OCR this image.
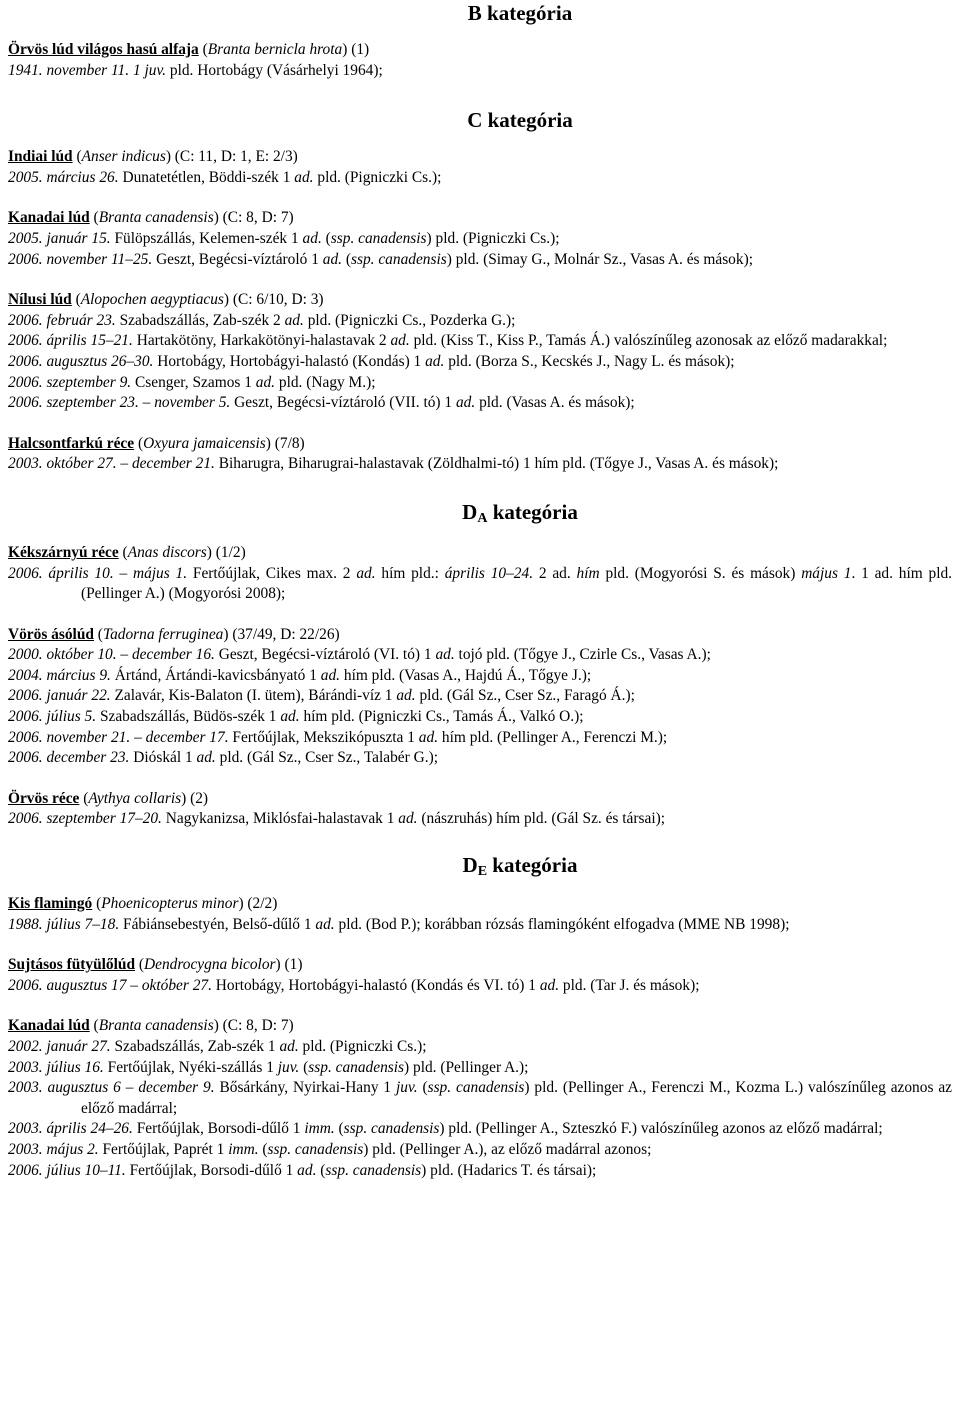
B kategória
Örvös lúd világos hasú alfaja (Branta bernicla hrota) (1)
1941. november 11. 1 juv. pld. Hortobágy (Vásárhelyi 1964);
C kategória
Indiai lúd (Anser indicus) (C: 11, D: 1, E: 2/3)
2005. március 26. Dunatetétlen, Böddi-szék 1 ad. pld. (Pigniczki Cs.);
Kanadai lúd (Branta canadensis) (C: 8, D: 7)
2005. január 15. Fülöpszállás, Kelemen-szék 1 ad. (ssp. canadensis) pld. (Pigniczki Cs.);
2006. november 11–25. Geszt, Begécsi-víztároló 1 ad. (ssp. canadensis) pld. (Simay G., Molnár Sz., Vasas A. és mások);
Nílusi lúd (Alopochen aegyptiacus) (C: 6/10, D: 3)
2006. február 23. Szabadszállás, Zab-szék 2 ad. pld. (Pigniczki Cs., Pozderka G.);
2006. április 15–21. Hartakötöny, Harkakötönyi-halastavak 2 ad. pld. (Kiss T., Kiss P., Tamás Á.) valószínűleg azonosak az előző madarakkal;
2006. augusztus 26–30. Hortobágy, Hortobágyi-halastó (Kondás) 1 ad. pld. (Borza S., Kecskés J., Nagy L. és mások);
2006. szeptember 9. Csenger, Szamos 1 ad. pld. (Nagy M.);
2006. szeptember 23. – november 5. Geszt, Begécsi-víztároló (VII. tó) 1 ad. pld. (Vasas A. és mások);
Halcsontfarkú réce (Oxyura jamaicensis) (7/8)
2003. október 27. – december 21. Biharugra, Biharugrai-halastavak (Zöldhalmi-tó) 1 hím pld. (Tőgye J., Vasas A. és mások);
$D_A$ kategória
Kékszárnyú réce (Anas discors) (1/2)
2006. április 10. – május 1. Fertőújlak, Cikes max. 2 ad. hím pld.: április 10–24. 2 ad. hím pld. (Mogyorósi S. és mások) május 1. 1 ad. hím pld. (Pellinger A.) (Mogyorósi 2008);
Vörös ásólúd (Tadorna ferruginea) (37/49, D: 22/26)
2000. október 10. – december 16. Geszt, Begécsi-víztároló (VI. tó) 1 ad. tojó pld. (Tőgye J., Czirle Cs., Vasas A.);
2004. március 9. Ártánd, Ártándi-kavicsbányató 1 ad. hím pld. (Vasas A., Hajdú Á., Tőgye J.);
2006. január 22. Zalavár, Kis-Balaton (I. ütem), Bárándi-víz 1 ad. pld. (Gál Sz., Cser Sz., Faragó Á.);
2006. július 5. Szabadszállás, Büdös-szék 1 ad. hím pld. (Pigniczki Cs., Tamás Á., Valkó O.);
2006. november 21. – december 17. Fertőújlak, Mekszikópuszta 1 ad. hím pld. (Pellinger A., Ferenczi M.);
2006. december 23. Dióskál 1 ad. pld. (Gál Sz., Cser Sz., Talabér G.);
Örvös réce (Aythya collaris) (2)
2006. szeptember 17–20. Nagykanizsa, Miklósfai-halastavak 1 ad. (nászruhás) hím pld. (Gál Sz. és társai);
$D_E$ kategória
Kis flamingó (Phoenicopterus minor) (2/2)
1988. július 7–18. Fábiánsebestyén, Belső-dűlő 1 ad. pld. (Bod P.); korábban rózsás flamingóként elfogadva (MME NB 1998);
Sujtásos fütyülőlúd (Dendrocygna bicolor) (1)
2006. augusztus 17 – október 27. Hortobágy, Hortobágyi-halastó (Kondás és VI. tó) 1 ad. pld. (Tar J. és mások);
Kanadai lúd (Branta canadensis) (C: 8, D: 7)
2002. január 27. Szabadszállás, Zab-szék 1 ad. pld. (Pigniczki Cs.);
2003. július 16. Fertőújlak, Nyéki-szállás 1 juv. (ssp. canadensis) pld. (Pellinger A.);
2003. augusztus 6 – december 9. Bősárkány, Nyirkai-Hany 1 juv. (ssp. canadensis) pld. (Pellinger A., Ferenczi M., Kozma L.) valószínűleg azonos az előző madárral;
2003. április 24–26. Fertőújlak, Borsodi-dűlő 1 imm. (ssp. canadensis) pld. (Pellinger A., Szteszkó F.) valószínűleg azonos az előző madárral;
2003. május 2. Fertőújlak, Paprét 1 imm. (ssp. canadensis) pld. (Pellinger A.), az előző madárral azonos;
2006. július 10–11. Fertőújlak, Borsodi-dűlő 1 ad. (ssp. canadensis) pld. (Hadarics T. és társai);
